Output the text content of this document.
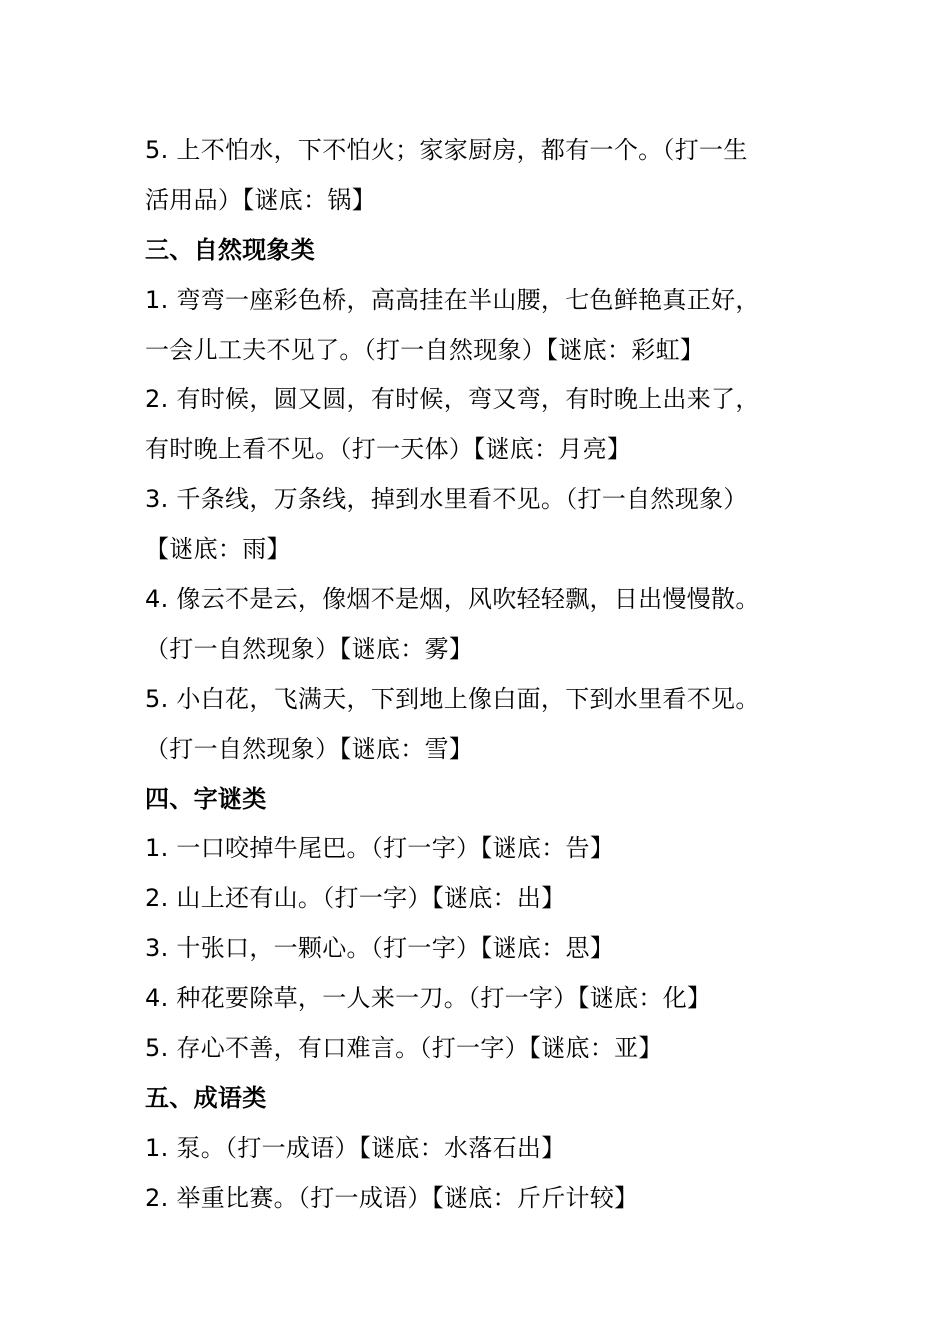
5. 上不怕水，下不怕火；家家厨房，都有一个。（打一生
活用品）【谜底：锅】
三、自然现象类
1. 弯弯一座彩色桥，高高挂在半山腰，七色鲜艳真正好，
一会儿工夫不见了。（打一自然现象）【谜底：彩虹】
2. 有时候，圆又圆，有时候，弯又弯，有时晚上出来了，
有时晚上看不见。（打一天体）【谜底：月亮】
3. 千条线，万条线，掉到水里看不见。（打一自然现象）
【谜底：雨】
4. 像云不是云，像烟不是烟，风吹轻轻飘，日出慢慢散。
（打一自然现象）【谜底：雾】
5. 小白花，飞满天，下到地上像白面，下到水里看不见。
（打一自然现象）【谜底：雪】
四、字谜类
1. 一口咬掉牛尾巴。（打一字）【谜底：告】
2. 山上还有山。（打一字）【谜底：出】
3. 十张口，一颗心。（打一字）【谜底：思】
4. 种花要除草，一人来一刀。（打一字）【谜底：化】
5. 存心不善，有口难言。（打一字）【谜底：亚】
五、成语类
1. 泵。（打一成语）【谜底：水落石出】
2. 举重比赛。（打一成语）【谜底：斤斤计较】
